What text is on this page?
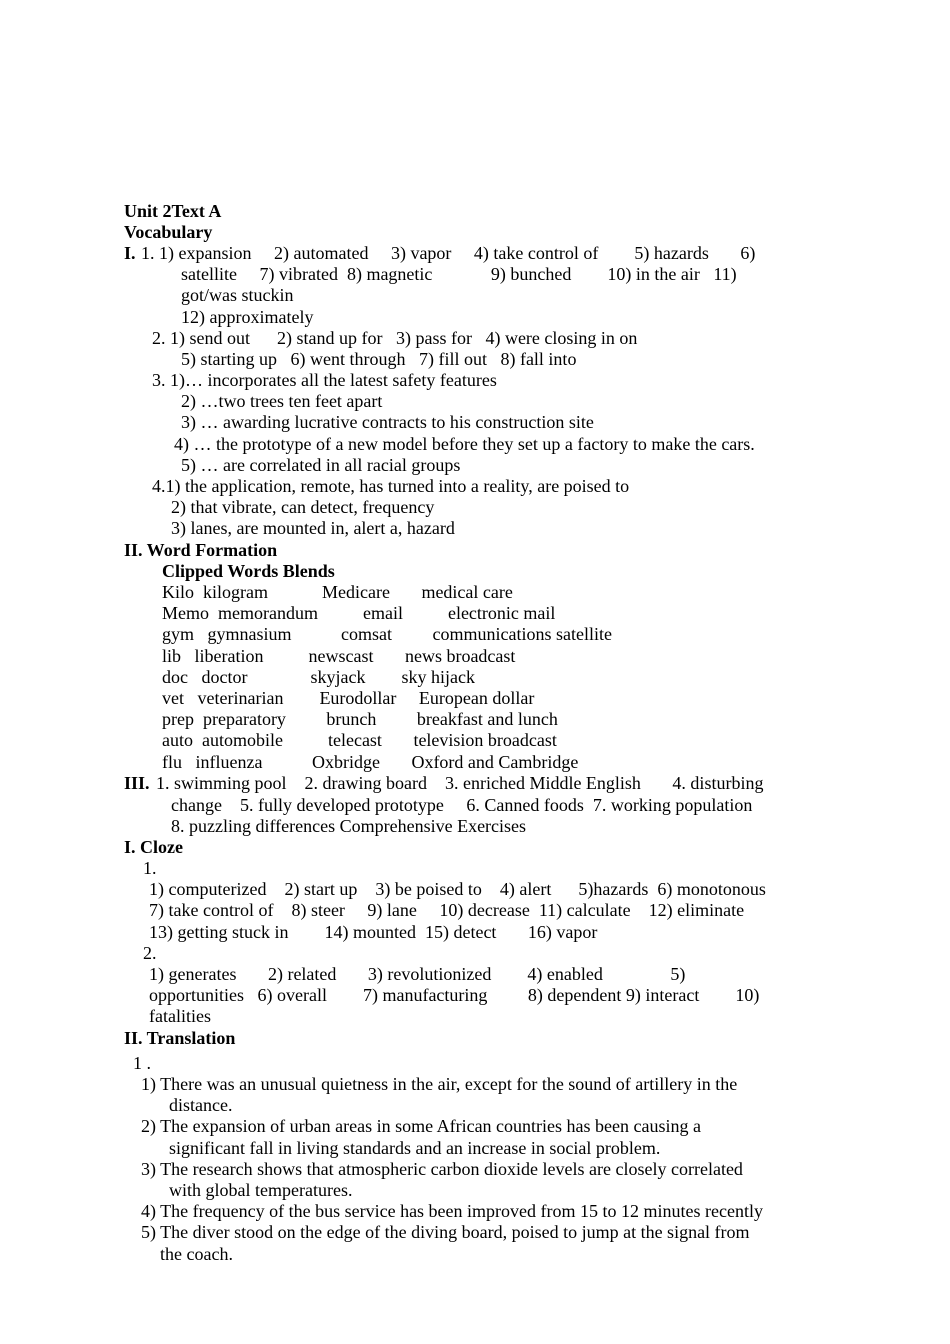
Unit 2Text A
Vocabulary
1. 1) expansion     2) automated     3) vapor     4) take control of        5) hazards       6)
satellite     7) vibrated  8) magnetic             9) bunched        10) in the air   11)
got/was stuckin
12) approximately
2. 1) send out      2) stand up for   3) pass for   4) were closing in on
5) starting up   6) went through   7) fill out   8) fall into
3. 1)… incorporates all the latest safety features
2) …two trees ten feet apart
3) … awarding lucrative contracts to his construction site
4) … the prototype of a new model before they set up a factory to make the cars.
5) … are correlated in all racial groups
4.1) the application, remote, has turned into a reality, are poised to
2) that vibrate, can detect, frequency
3) lanes, are mounted in, alert a, hazard
II. Word Formation
Clipped Words Blends
Kilo  kilogram            Medicare       medical care
Memo  memorandum          email          electronic mail
gym   gymnasium           comsat         communications satellite
lib   liberation          newscast       news broadcast
doc   doctor              skyjack        sky hijack
vet   veterinarian        Eurodollar     European dollar
prep  preparatory         brunch         breakfast and lunch
auto  automobile          telecast       television broadcast
flu   influenza           Oxbridge       Oxford and Cambridge
1. swimming pool    2. drawing board    3. enriched Middle English       4. disturbing
change    5. fully developed prototype     6. Canned foods  7. working population
8. puzzling differences Comprehensive Exercises
I. Cloze
1.
1) computerized    2) start up    3) be poised to    4) alert      5)hazards  6) monotonous
7) take control of    8) steer     9) lane     10) decrease  11) calculate    12) eliminate
13) getting stuck in        14) mounted  15) detect       16) vapor
2.
1) generates       2) related       3) revolutionized        4) enabled               5)
opportunities   6) overall        7) manufacturing         8) dependent 9) interact        10)
fatalities
II. Translation
1 .
1) There was an unusual quietness in the air, except for the sound of artillery in the
distance.
2) The expansion of urban areas in some African countries has been causing a
significant fall in living standards and an increase in social problem.
3) The research shows that atmospheric carbon dioxide levels are closely correlated
with global temperatures.
4) The frequency of the bus service has been improved from 15 to 12 minutes recently
5) The diver stood on the edge of the diving board, poised to jump at the signal from
the coach.
I.
III.
